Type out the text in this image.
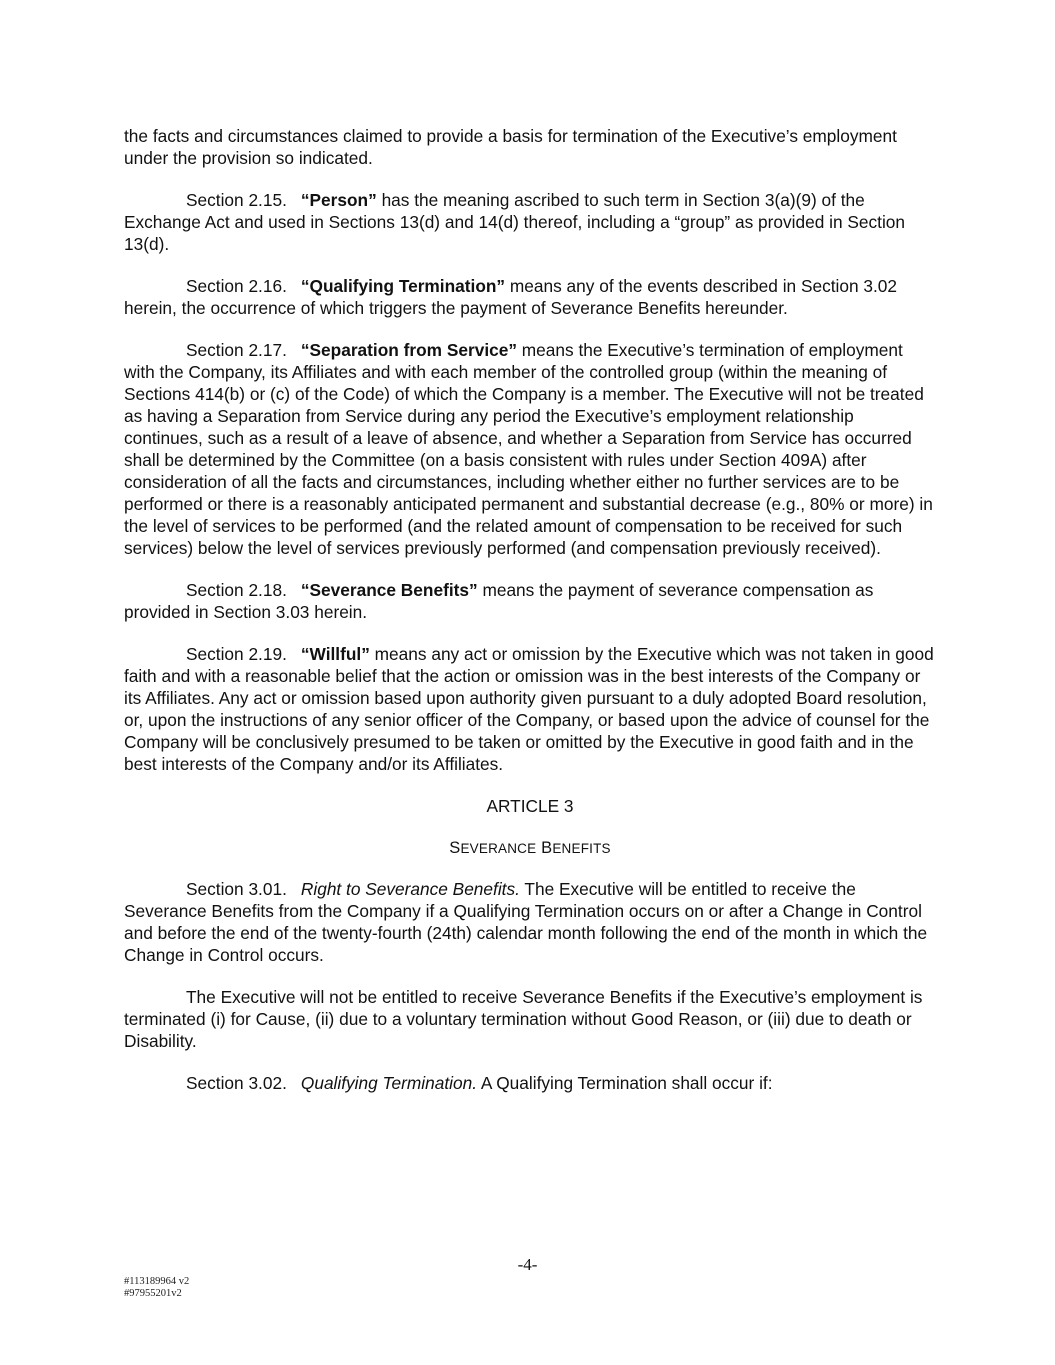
the facts and circumstances claimed to provide a basis for termination of the Executive’s employment under the provision so indicated.

Section 2.15. “Person” has the meaning ascribed to such term in Section 3(a)(9) of the Exchange Act and used in Sections 13(d) and 14(d) thereof, including a “group” as provided in Section 13(d).

Section 2.16. “Qualifying Termination” means any of the events described in Section 3.02 herein, the occurrence of which triggers the payment of Severance Benefits hereunder.

Section 2.17. “Separation from Service” means the Executive’s termination of employment with the Company, its Affiliates and with each member of the controlled group (within the meaning of Sections 414(b) or (c) of the Code) of which the Company is a member. The Executive will not be treated as having a Separation from Service during any period the Executive’s employment relationship continues, such as a result of a leave of absence, and whether a Separation from Service has occurred shall be determined by the Committee (on a basis consistent with rules under Section 409A) after consideration of all the facts and circumstances, including whether either no further services are to be performed or there is a reasonably anticipated permanent and substantial decrease (e.g., 80% or more) in the level of services to be performed (and the related amount of compensation to be received for such services) below the level of services previously performed (and compensation previously received).

Section 2.18. “Severance Benefits” means the payment of severance compensation as provided in Section 3.03 herein.

Section 2.19. “Willful” means any act or omission by the Executive which was not taken in good faith and with a reasonable belief that the action or omission was in the best interests of the Company or its Affiliates. Any act or omission based upon authority given pursuant to a duly adopted Board resolution, or, upon the instructions of any senior officer of the Company, or based upon the advice of counsel for the Company will be conclusively presumed to be taken or omitted by the Executive in good faith and in the best interests of the Company and/or its Affiliates.

ARTICLE 3

SEVERANCE BENEFITS

Section 3.01. Right to Severance Benefits. The Executive will be entitled to receive the Severance Benefits from the Company if a Qualifying Termination occurs on or after a Change in Control and before the end of the twenty-fourth (24th) calendar month following the end of the month in which the Change in Control occurs.

The Executive will not be entitled to receive Severance Benefits if the Executive’s employment is terminated (i) for Cause, (ii) due to a voluntary termination without Good Reason, or (iii) due to death or Disability.

Section 3.02. Qualifying Termination. A Qualifying Termination shall occur if:

-4-
#113189964 v2
#97955201v2
